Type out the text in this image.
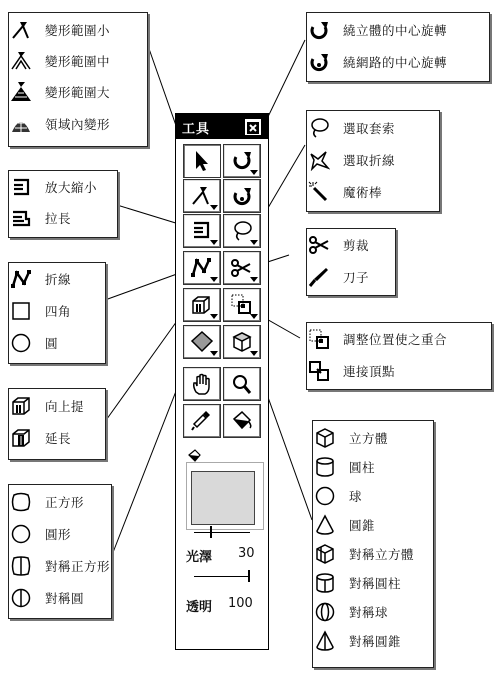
變形範圍小
變形範圍中
變形範圍大
領域內變形
放大縮小
拉長
折線
四角
圓
向上提
延長
正方形
圓形
對稱正方形
對稱圓
繞立體的中心旋轉
繞網路的中心旋轉
選取套索
選取折線
魔術棒
剪裁
刀子
調整位置使之重合
連接頂點
立方體
圓柱
球
圓錐
對稱立方體
對稱圓柱
對稱球
對稱圓錐
工具
光澤 30
透明 100
